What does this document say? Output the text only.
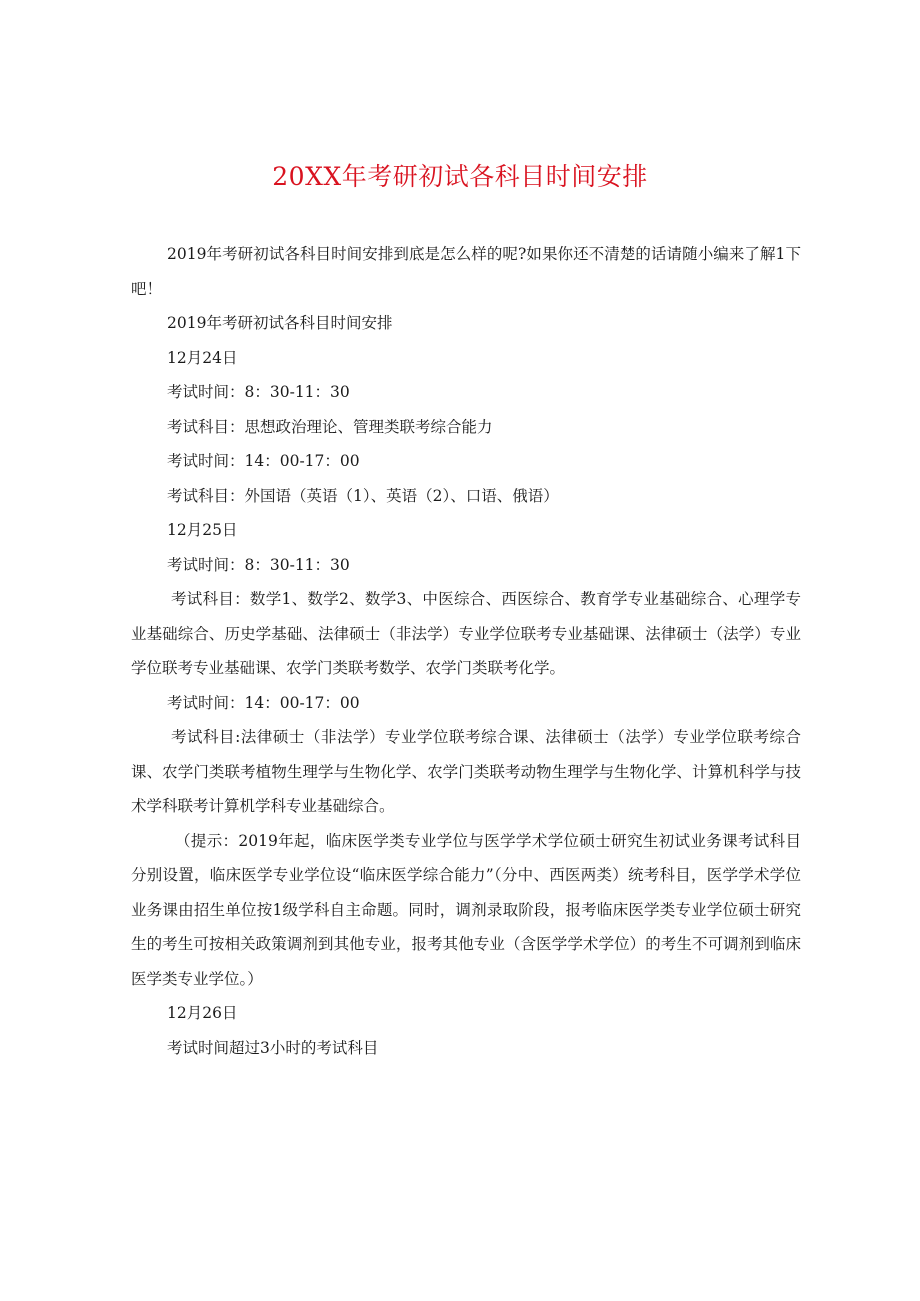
20XX年考研初试各科目时间安排

2019年考研初试各科目时间安排到底是怎么样的呢?如果你还不清楚的话请随小编来了解1下吧！

2019年考研初试各科目时间安排

12月24日

考试时间：8：30-11：30

考试科目：思想政治理论、管理类联考综合能力

考试时间：14：00-17：00

考试科目：外国语（英语（1）、英语（2）、口语、俄语）

12月25日

考试时间：8：30-11：30

考试科目：数学1、数学2、数学3、中医综合、西医综合、教育学专业基础综合、心理学专业基础综合、历史学基础、法律硕士（非法学）专业学位联考专业基础课、法律硕士（法学）专业学位联考专业基础课、农学门类联考数学、农学门类联考化学。

考试时间：14：00-17：00

考试科目:法律硕士（非法学）专业学位联考综合课、法律硕士（法学）专业学位联考综合课、农学门类联考植物生理学与生物化学、农学门类联考动物生理学与生物化学、计算机科学与技术学科联考计算机学科专业基础综合。

（提示：2019年起，临床医学类专业学位与医学学术学位硕士研究生初试业务课考试科目分别设置，临床医学专业学位设“临床医学综合能力”（分中、西医两类）统考科目，医学学术学位业务课由招生单位按1级学科自主命题。同时，调剂录取阶段，报考临床医学类专业学位硕士研究生的考生可按相关政策调剂到其他专业，报考其他专业（含医学学术学位）的考生不可调剂到临床医学类专业学位。）

12月26日

考试时间超过3小时的考试科目
